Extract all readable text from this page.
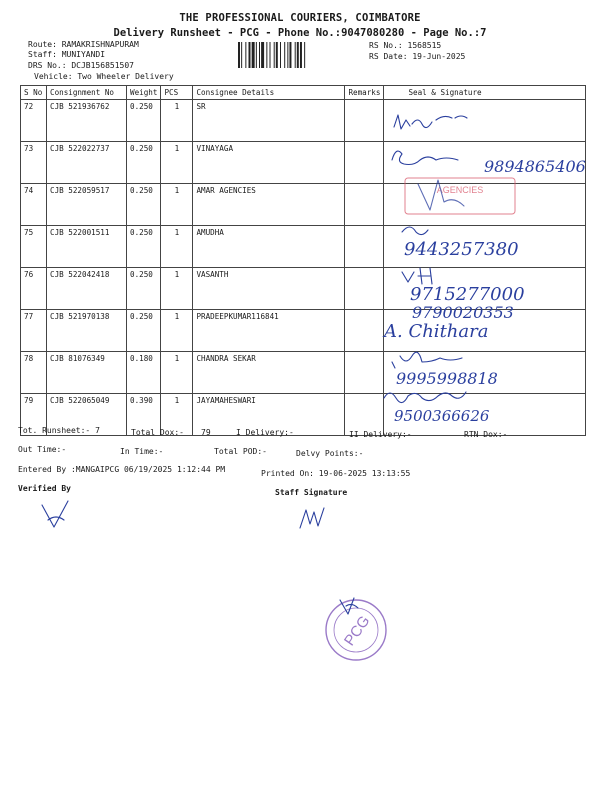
THE PROFESSIONAL COURIERS, COIMBATORE
Delivery Runsheet - PCG - Phone No.:9047080280 - Page No.:7
Route: RAMAKRISHNAPURAM
Staff: MUNIYANDI
DRS No.: DCJB156851507
Vehicle: Two Wheeler Delivery
RS No.: 1568515
RS Date: 19-Jun-2025
S No	Consignment No	Weight	PCS	Consignee Details	Remarks	Seal & Signature
72	CJB 521936762	0.250	1	SR		
73	CJB 522022737	0.250	1	VINAYAGA		
74	CJB 522059517	0.250	1	AMAR AGENCIES		
75	CJB 522001511	0.250	1	AMUDHA		
76	CJB 522042418	0.250	1	VASANTH		
77	CJB 521970138	0.250	1	PRADEEPKUMAR116841		
78	CJB 81076349	0.180	1	CHANDRA SEKAR		
79	CJB 522065049	0.390	1	JAYAMAHESWARI		
9894865406
AGENCIES
9443257380
9715277000
9790020353
A. Chithara
9995998818
9500366626
PCG
Tot. Runsheet:- 7	Total Dox:- 79	I Delivery:-	II Delivery:-	RTN Dox:-
Out Time:-	In Time:-	Total POD:-	Delvy Points:-
Entered By :MANGAIPCG 06/19/2025 1:12:44 PM	Printed On: 19-06-2025 13:13:55
Verified By	Staff Signature
